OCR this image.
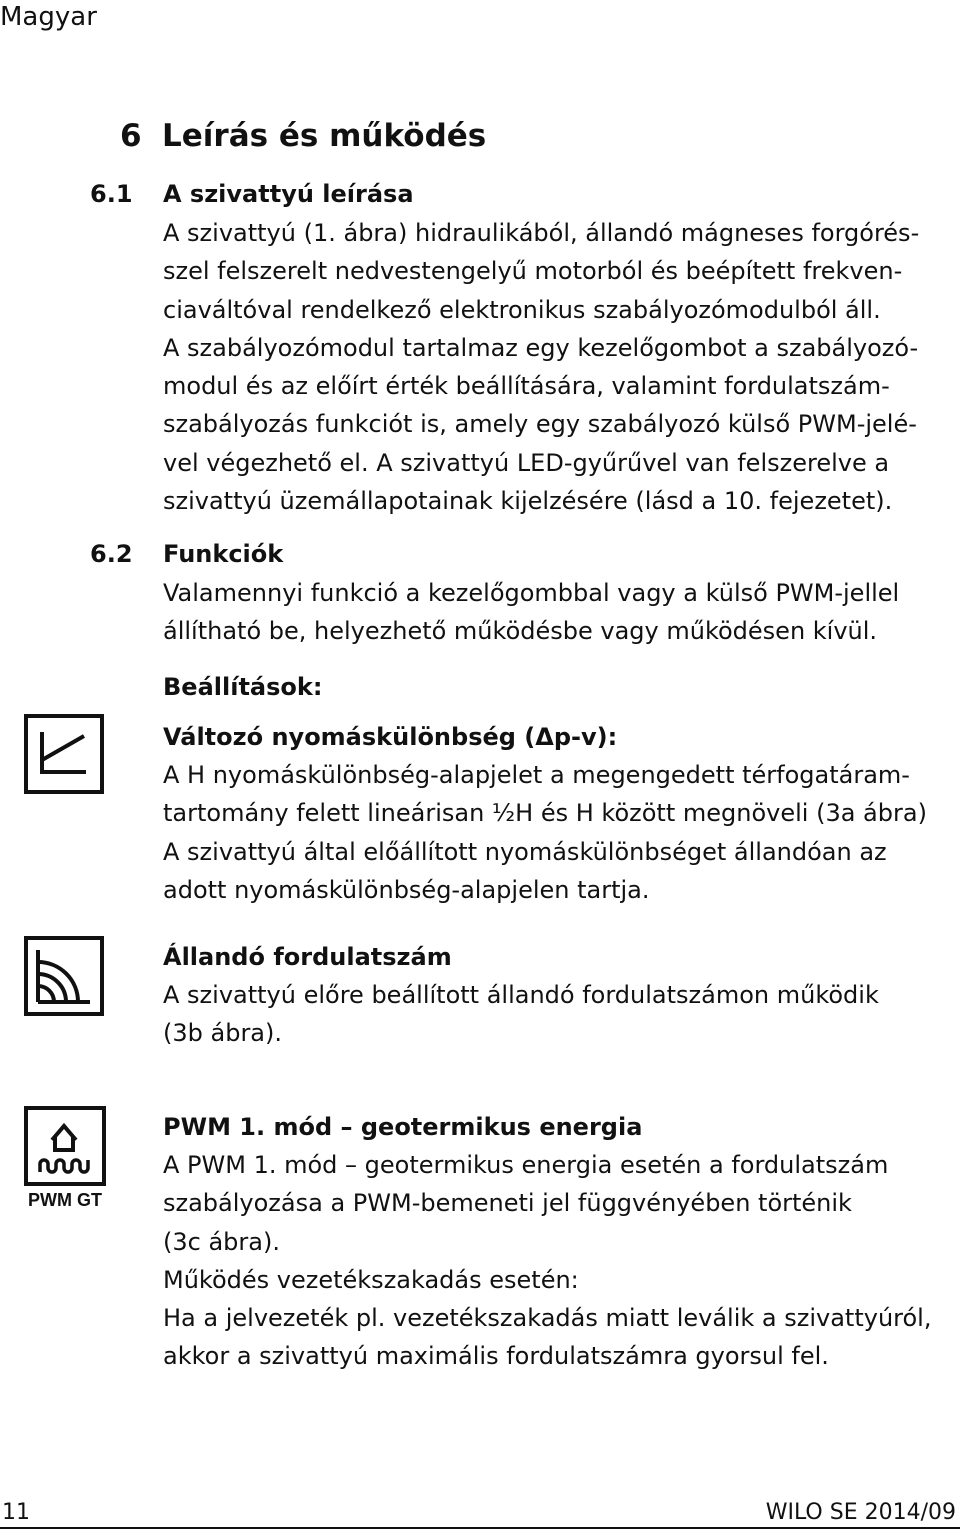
Magyar
6 Leírás és működés
6.1 A szivattyú leírása
A szivattyú (1. ábra) hidraulikából, állandó mágneses forgórés-
szel felszerelt nedvestengelyű motorból és beépített frekven-
ciaváltóval rendelkező elektronikus szabályozómodulból áll.
A szabályozómodul tartalmaz egy kezelőgombot a szabályozó-
modul és az előírt érték beállítására, valamint fordulatszám-
szabályozás funkciót is, amely egy szabályozó külső PWM-jelé-
vel végezhető el. A szivattyú LED-gyűrűvel van felszerelve a
szivattyú üzemállapotainak kijelzésére (lásd a 10. fejezetet).
6.2 Funkciók
Valamennyi funkció a kezelőgombbal vagy a külső PWM-jellel
állítható be, helyezhető működésbe vagy működésen kívül.
Beállítások:
Változó nyomáskülönbség (Δp-v):
A H nyomáskülönbség-alapjelet a megengedett térfogatáram-
tartomány felett lineárisan ½H és H között megnöveli (3a ábra)
A szivattyú által előállított nyomáskülönbséget állandóan az
adott nyomáskülönbség-alapjelen tartja.
Állandó fordulatszám
A szivattyú előre beállított állandó fordulatszámon működik
(3b ábra).
PWM GT
PWM 1. mód – geotermikus energia
A PWM 1. mód – geotermikus energia esetén a fordulatszám
szabályozása a PWM-bemeneti jel függvényében történik
(3c ábra).
Működés vezetékszakadás esetén:
Ha a jelvezeték pl. vezetékszakadás miatt leválik a szivattyúról,
akkor a szivattyú maximális fordulatszámra gyorsul fel.
11	WILO SE 2014/09
